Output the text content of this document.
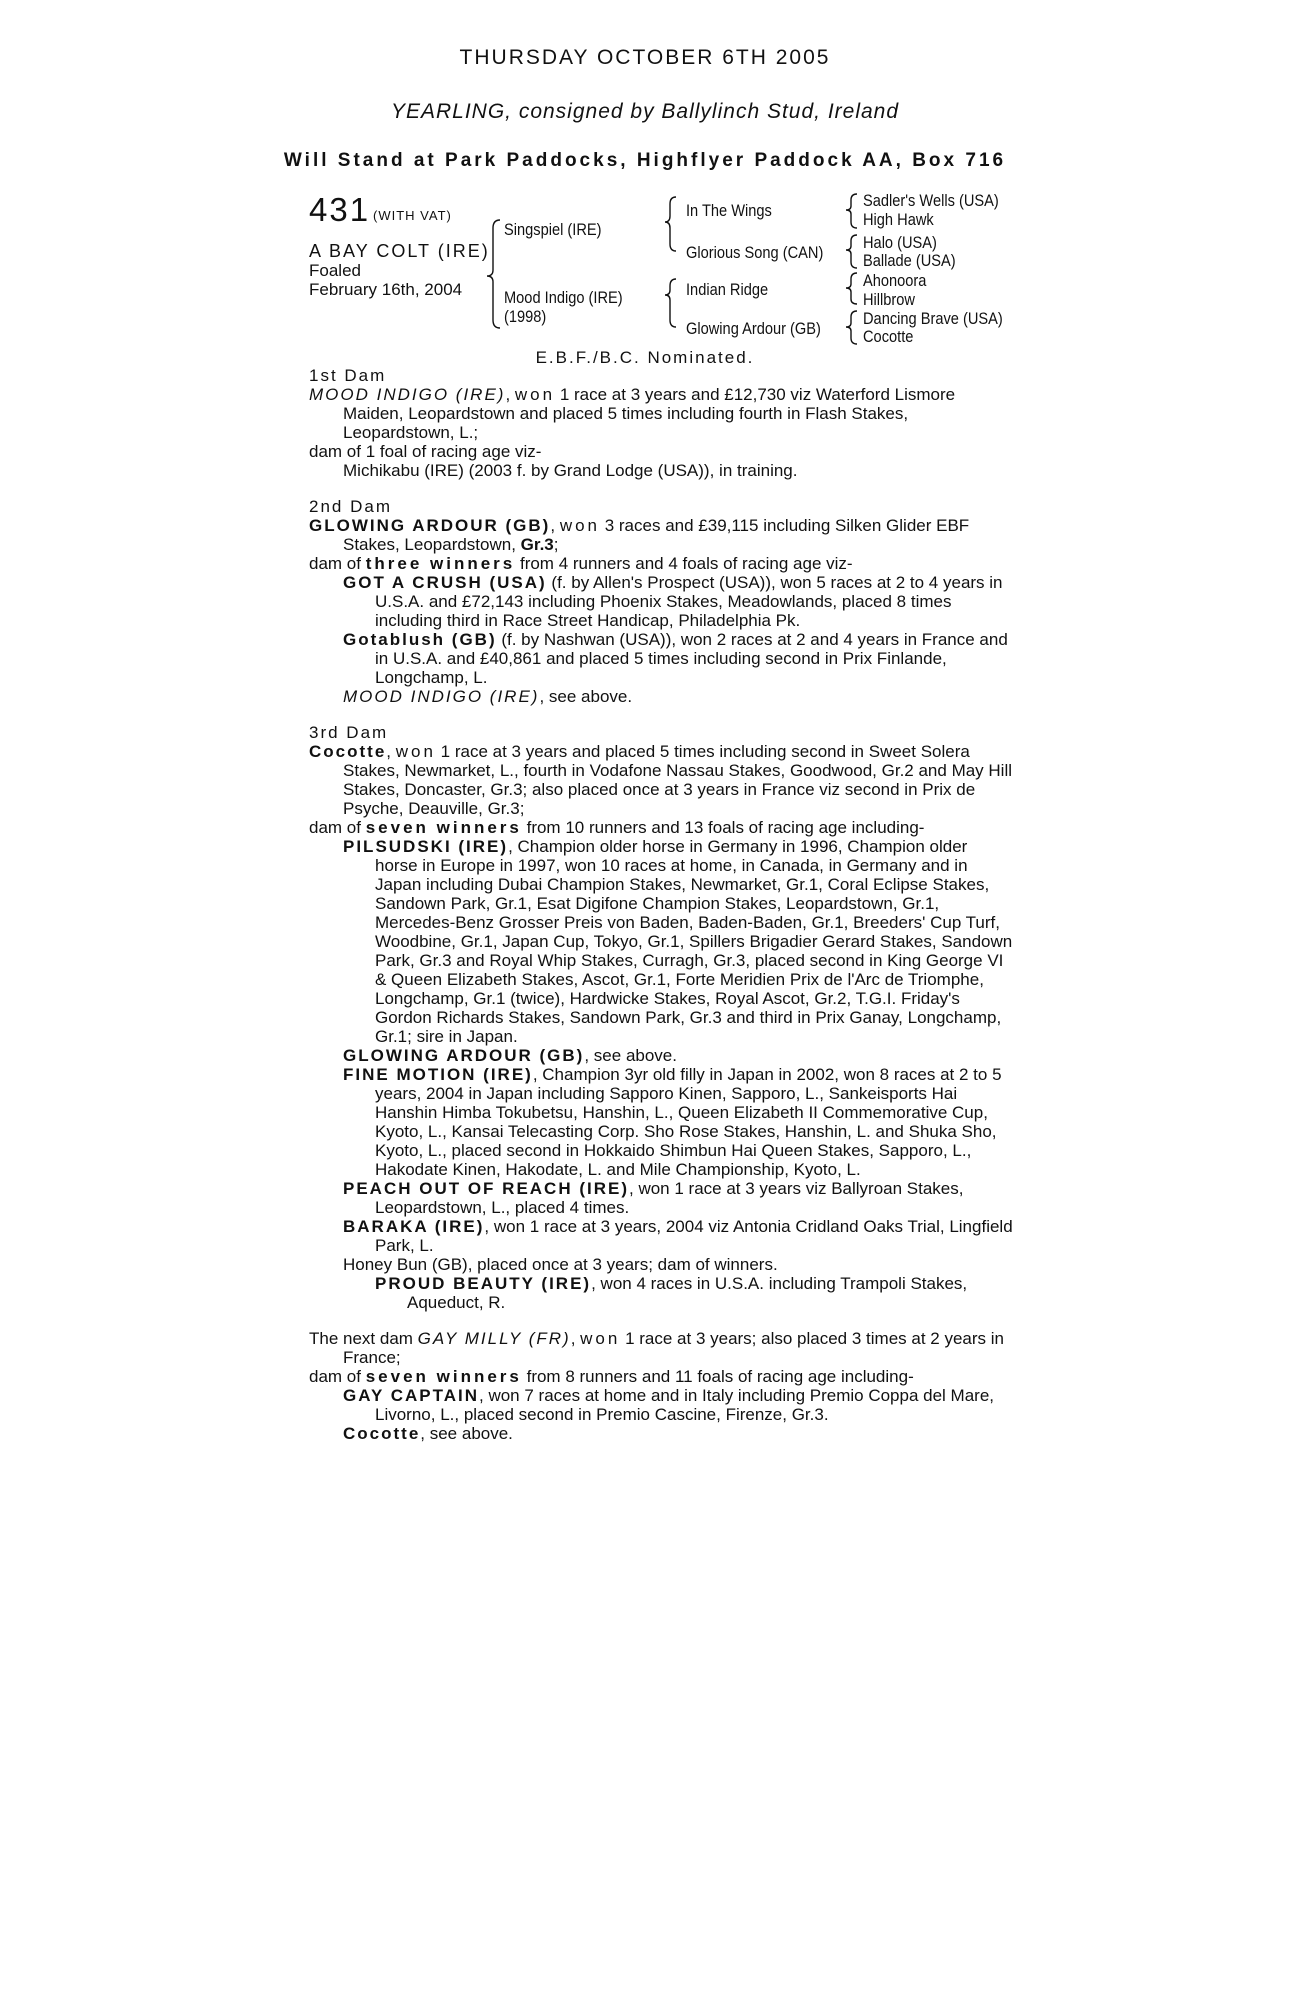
THURSDAY OCTOBER 6TH 2005
YEARLING, consigned by Ballylinch Stud, Ireland
Will Stand at Park Paddocks, Highflyer Paddock AA, Box 716
431 (WITH VAT)
A BAY COLT (IRE)
Foaled
February 16th, 2004
Singspiel (IRE)
Mood Indigo (IRE)
(1998)
In The Wings
Glorious Song (CAN)
Indian Ridge
Glowing Ardour (GB)
Sadler's Wells (USA)
High Hawk
Halo (USA)
Ballade (USA)
Ahonoora
Hillbrow
Dancing Brave (USA)
Cocotte
E.B.F./B.C. Nominated.

1st Dam

MOOD INDIGO (IRE), won 1 race at 3 years and £12,730 viz Waterford Lismore Maiden, Leopardstown and placed 5 times including fourth in Flash Stakes, Leopardstown, L.;

dam of 1 foal of racing age viz-

Michikabu (IRE) (2003 f. by Grand Lodge (USA)), in training.

2nd Dam

GLOWING ARDOUR (GB), won 3 races and £39,115 including Silken Glider EBF Stakes, Leopardstown, Gr.3;

dam of three winners from 4 runners and 4 foals of racing age viz-

GOT A CRUSH (USA) (f. by Allen's Prospect (USA)), won 5 races at 2 to 4 years in U.S.A. and £72,143 including Phoenix Stakes, Meadowlands, placed 8 times including third in Race Street Handicap, Philadelphia Pk.

Gotablush (GB) (f. by Nashwan (USA)), won 2 races at 2 and 4 years in France and in U.S.A. and £40,861 and placed 5 times including second in Prix Finlande, Longchamp, L.

MOOD INDIGO (IRE), see above.

3rd Dam

Cocotte, won 1 race at 3 years and placed 5 times including second in Sweet Solera Stakes, Newmarket, L., fourth in Vodafone Nassau Stakes, Goodwood, Gr.2 and May Hill Stakes, Doncaster, Gr.3; also placed once at 3 years in France viz second in Prix de Psyche, Deauville, Gr.3;

dam of seven winners from 10 runners and 13 foals of racing age including-

PILSUDSKI (IRE), Champion older horse in Germany in 1996, Champion older horse in Europe in 1997, won 10 races at home, in Canada, in Germany and in Japan including Dubai Champion Stakes, Newmarket, Gr.1, Coral Eclipse Stakes, Sandown Park, Gr.1, Esat Digifone Champion Stakes, Leopardstown, Gr.1, Mercedes-Benz Grosser Preis von Baden, Baden-Baden, Gr.1, Breeders' Cup Turf, Woodbine, Gr.1, Japan Cup, Tokyo, Gr.1, Spillers Brigadier Gerard Stakes, Sandown Park, Gr.3 and Royal Whip Stakes, Curragh, Gr.3, placed second in King George VI & Queen Elizabeth Stakes, Ascot, Gr.1, Forte Meridien Prix de l'Arc de Triomphe, Longchamp, Gr.1 (twice), Hardwicke Stakes, Royal Ascot, Gr.2, T.G.I. Friday's Gordon Richards Stakes, Sandown Park, Gr.3 and third in Prix Ganay, Longchamp, Gr.1; sire in Japan.

GLOWING ARDOUR (GB), see above.

FINE MOTION (IRE), Champion 3yr old filly in Japan in 2002, won 8 races at 2 to 5 years, 2004 in Japan including Sapporo Kinen, Sapporo, L., Sankeisports Hai Hanshin Himba Tokubetsu, Hanshin, L., Queen Elizabeth II Commemorative Cup, Kyoto, L., Kansai Telecasting Corp. Sho Rose Stakes, Hanshin, L. and Shuka Sho, Kyoto, L., placed second in Hokkaido Shimbun Hai Queen Stakes, Sapporo, L., Hakodate Kinen, Hakodate, L. and Mile Championship, Kyoto, L.

PEACH OUT OF REACH (IRE), won 1 race at 3 years viz Ballyroan Stakes, Leopardstown, L., placed 4 times.

BARAKA (IRE), won 1 race at 3 years, 2004 viz Antonia Cridland Oaks Trial, Lingfield Park, L.

Honey Bun (GB), placed once at 3 years; dam of winners.

PROUD BEAUTY (IRE), won 4 races in U.S.A. including Trampoli Stakes, Aqueduct, R.

The next dam GAY MILLY (FR), won 1 race at 3 years; also placed 3 times at 2 years in France;

dam of seven winners from 8 runners and 11 foals of racing age including-

GAY CAPTAIN, won 7 races at home and in Italy including Premio Coppa del Mare, Livorno, L., placed second in Premio Cascine, Firenze, Gr.3.

Cocotte, see above.
